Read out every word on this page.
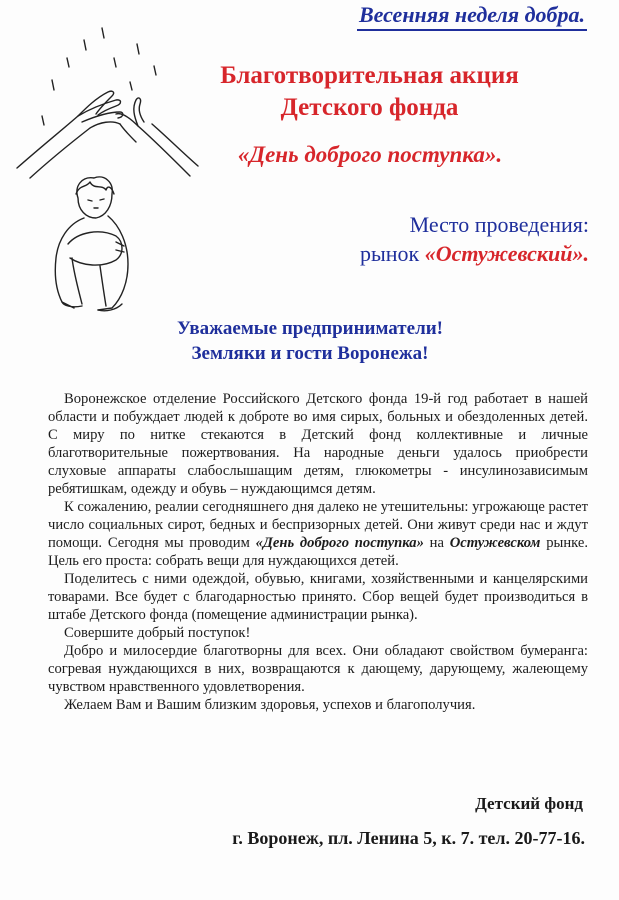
Весенняя неделя добра.
Благотворительная акция
Детского фонда
«День доброго поступка».
Место проведения:
рынок «Остужевский».
Уважаемые предприниматели!
Земляки и гости Воронежа!

Воронежское отделение Российского Детского фонда 19-й год работает в нашей области и побуждает людей к доброте во имя сирых, больных и обездоленных детей. С миру по нитке стекаются в Детский фонд коллективные и личные благотворительные пожертвования. На народные деньги удалось приобрести слуховые аппараты слабослышащим детям, глюкометры - инсулинозависимым ребятишкам, одежду и обувь – нуждающимся детям.

К сожалению, реалии сегодняшнего дня далеко не утешительны: угрожающе растет число социальных сирот, бедных и беспризорных детей. Они живут среди нас и ждут помощи. Сегодня мы проводим «День доброго поступка» на Остужевском рынке. Цель его проста: собрать вещи для нуждающихся детей.

Поделитесь с ними одеждой, обувью, книгами, хозяйственными и канцелярскими товарами. Все будет с благодарностью принято. Сбор вещей будет производиться в штабе Детского фонда (помещение администрации рынка).

Совершите добрый поступок!

Добро и милосердие благотворны для всех. Они обладают свойством бумеранга: согревая нуждающихся в них, возвращаются к дающему, дарующему, жалеющему чувством нравственного удовлетворения.

Желаем Вам и Вашим близким здоровья, успехов и благополучия.

Детский фонд
г. Воронеж, пл. Ленина 5, к. 7. тел. 20-77-16.
